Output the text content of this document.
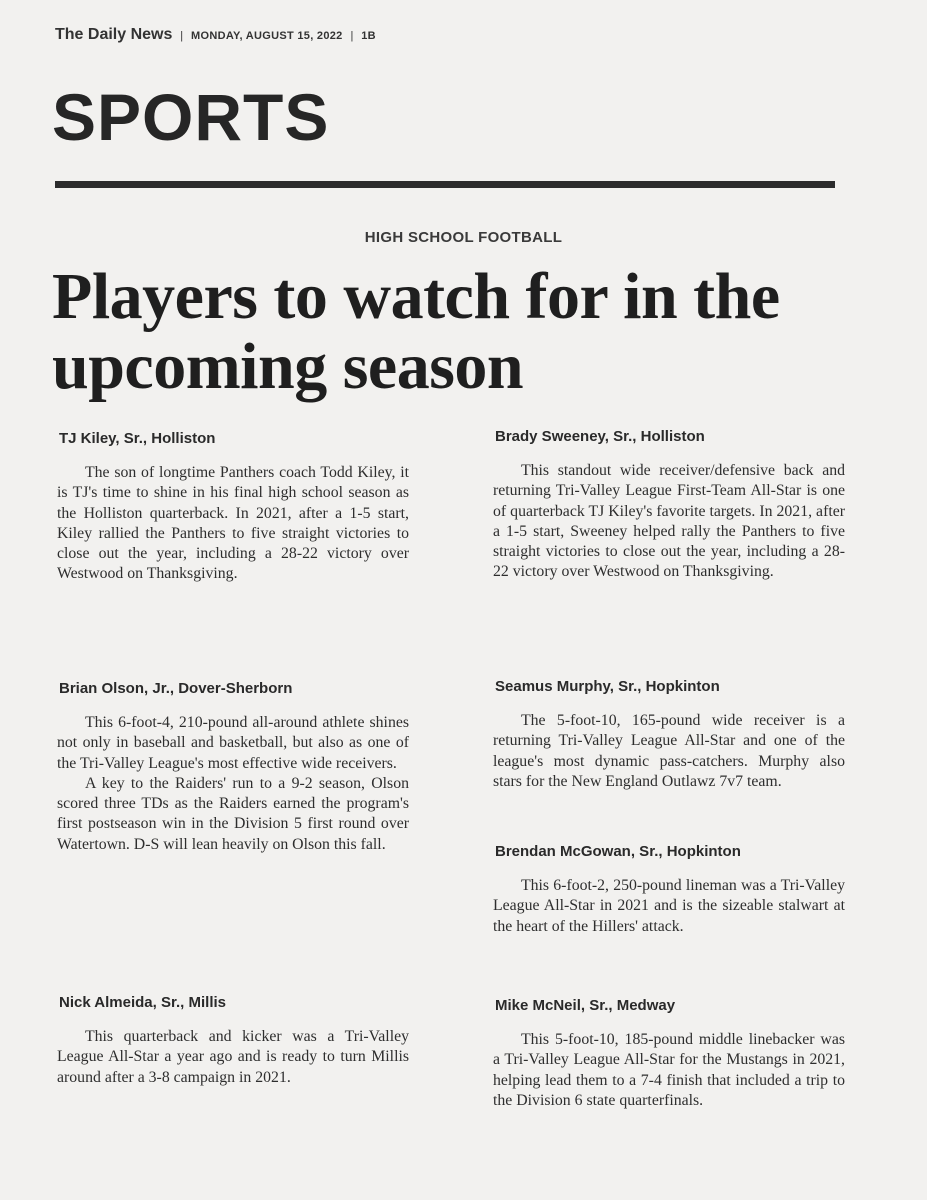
The Daily News | MONDAY, AUGUST 15, 2022 | 1B
SPORTS
HIGH SCHOOL FOOTBALL
Players to watch for in the upcoming season
TJ Kiley, Sr., Holliston

The son of longtime Panthers coach Todd Kiley, it is TJ's time to shine in his final high school season as the Holliston quarterback. In 2021, after a 1-5 start, Kiley rallied the Panthers to five straight victories to close out the year, including a 28-22 victory over Westwood on Thanksgiving.

Brian Olson, Jr., Dover-Sherborn

This 6-foot-4, 210-pound all-around athlete shines not only in baseball and basketball, but also as one of the Tri-Valley League's most effective wide receivers.

A key to the Raiders' run to a 9-2 season, Olson scored three TDs as the Raiders earned the program's first postseason win in the Division 5 first round over Watertown. D-S will lean heavily on Olson this fall.

Nick Almeida, Sr., Millis

This quarterback and kicker was a Tri-Valley League All-Star a year ago and is ready to turn Millis around after a 3-8 campaign in 2021.

Brady Sweeney, Sr., Holliston

This standout wide receiver/defensive back and returning Tri-Valley League First-Team All-Star is one of quarterback TJ Kiley's favorite targets. In 2021, after a 1-5 start, Sweeney helped rally the Panthers to five straight victories to close out the year, including a 28-22 victory over Westwood on Thanksgiving.

Seamus Murphy, Sr., Hopkinton

The 5-foot-10, 165-pound wide receiver is a returning Tri-Valley League All-Star and one of the league's most dynamic pass-catchers. Murphy also stars for the New England Outlawz 7v7 team.

Brendan McGowan, Sr., Hopkinton

This 6-foot-2, 250-pound lineman was a Tri-Valley League All-Star in 2021 and is the sizeable stalwart at the heart of the Hillers' attack.

Mike McNeil, Sr., Medway

This 5-foot-10, 185-pound middle linebacker was a Tri-Valley League All-Star for the Mustangs in 2021, helping lead them to a 7-4 finish that included a trip to the Division 6 state quarterfinals.
